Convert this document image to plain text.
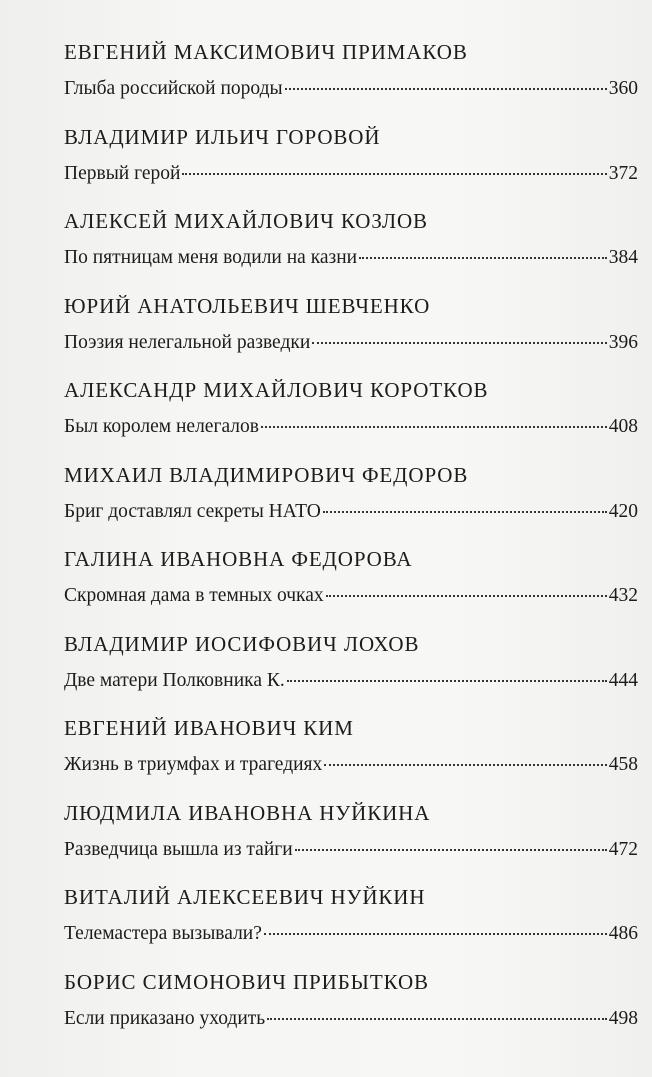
ЕВГЕНИЙ МАКСИМОВИЧ ПРИМАКОВ
Глыба российской породы	360
ВЛАДИМИР ИЛЬИЧ ГОРОВОЙ
Первый герой	372
АЛЕКСЕЙ МИХАЙЛОВИЧ КОЗЛОВ
По пятницам меня водили на казни	384
ЮРИЙ АНАТОЛЬЕВИЧ ШЕВЧЕНКО
Поэзия нелегальной разведки	396
АЛЕКСАНДР МИХАЙЛОВИЧ КОРОТКОВ
Был королем нелегалов	408
МИХАИЛ ВЛАДИМИРОВИЧ ФЕДОРОВ
Бриг доставлял секреты НАТО	420
ГАЛИНА ИВАНОВНА ФЕДОРОВА
Скромная дама в темных очках	432
ВЛАДИМИР ИОСИФОВИЧ ЛОХОВ
Две матери Полковника К.	444
ЕВГЕНИЙ ИВАНОВИЧ КИМ
Жизнь в триумфах и трагедиях	458
ЛЮДМИЛА ИВАНОВНА НУЙКИНА
Разведчица вышла из тайги	472
ВИТАЛИЙ АЛЕКСЕЕВИЧ НУЙКИН
Телемастера вызывали?	486
БОРИС СИМОНОВИЧ ПРИБЫТКОВ
Если приказано уходить	498
